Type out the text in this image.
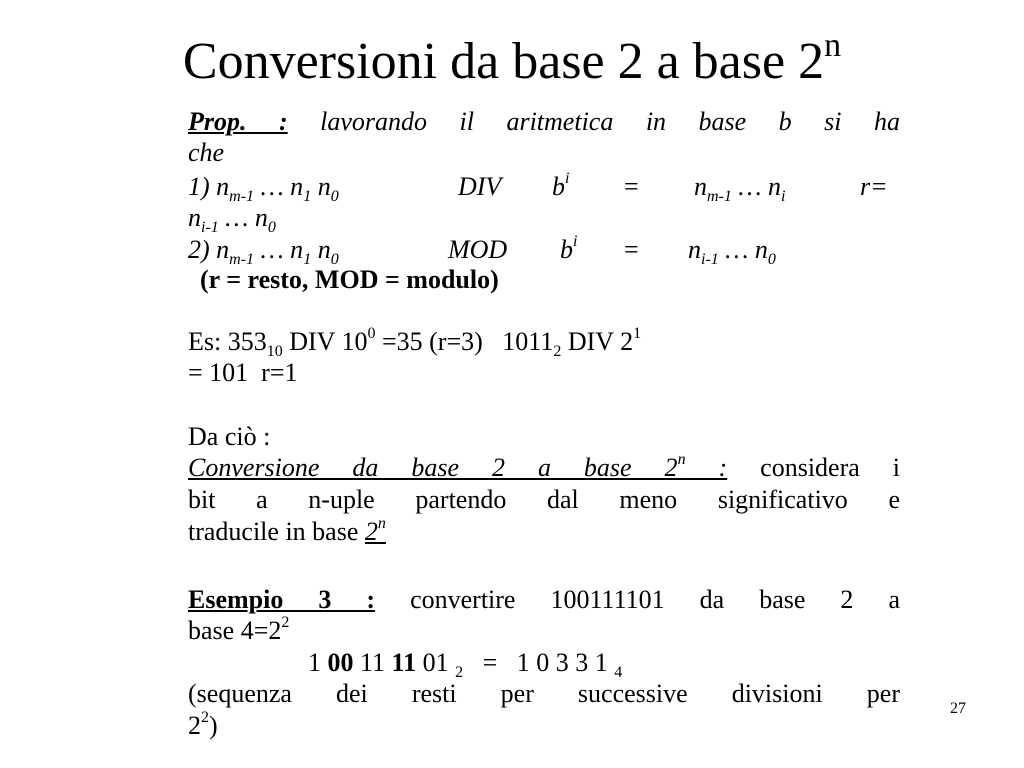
Conversioni da base 2 a base 2$^n$
Prop. : lavorando il aritmetica in base b si ha
che
1) $n_{m-1}$ … $n_1$ $n_0$	DIV $b^i = n_{m-1}$ … $n_i$	r=
$n_{i-1}$ … $n_0$
2) $n_{m-1}$ … $n_1$ $n_0$	MOD $b^i = n_{i-1}$ … $n_0$
(r = resto, MOD = modulo)
Es: $353_{10}$ DIV $10^0 =35$ (r=3)   $1011_2$ DIV $2^1$
= 101  r=1
Da ciò :
Conversione da base 2 a base 2$^n$ : considera i
bit a n-uple partendo dal meno significativo e
traducile in base 2$^n$
Esempio 3 : convertire 100111101 da base 2 a
base $4=2^2$
1 00 11 11 01 $_2$   =   1 0 3 3 1 $_4$
(sequenza dei resti per successive divisioni per
$2^2$)
27
